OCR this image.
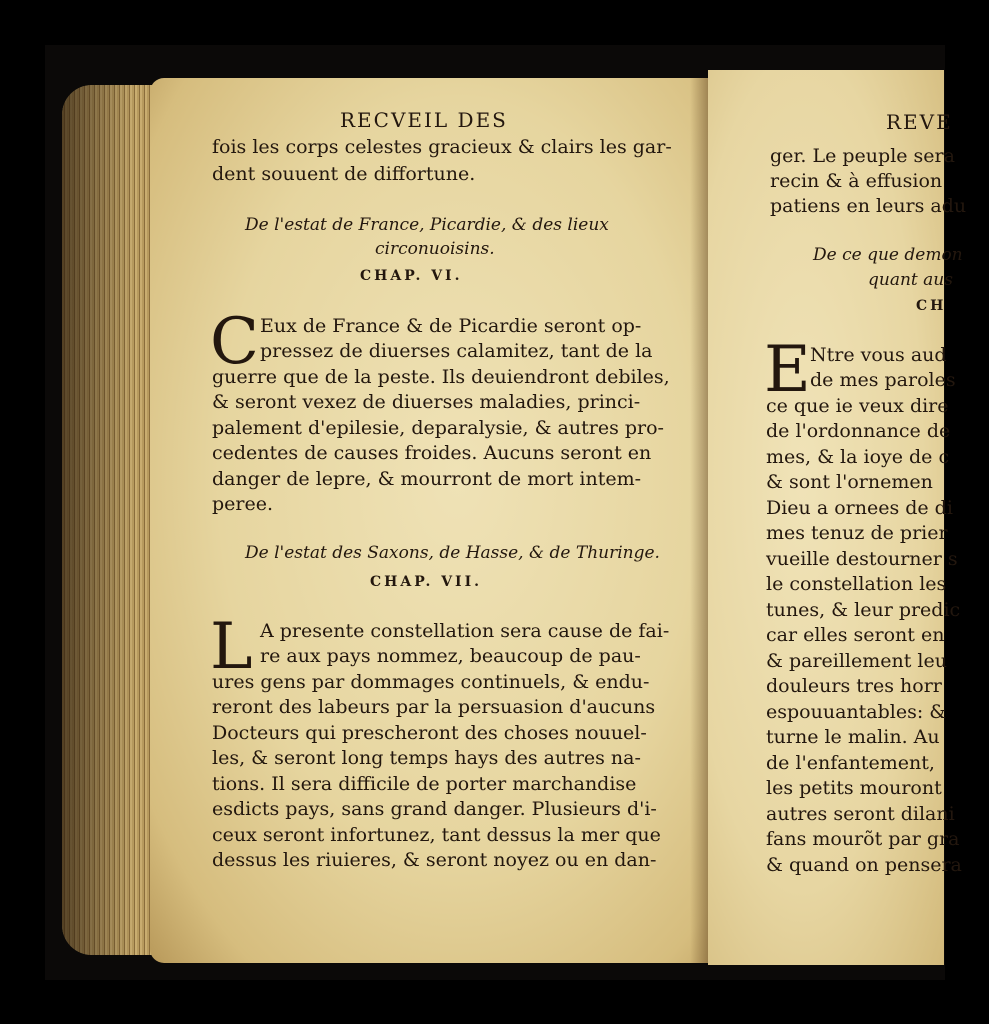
RECVEIL DES
fois les corps celestes gracieux & clairs les gar-
dent souuent de diffortune.
De l'estat de France, Picardie, & des lieux
circonuoisins.
CHAP. VI.
C Eux de France & de Picardie seront op-
pressez de diuerses calamitez, tant de la
guerre que de la peste. Ils deuiendront debiles,
& seront vexez de diuerses maladies, princi-
palement d'epilesie, deparalysie, & autres pro-
cedentes de causes froides. Aucuns seront en
danger de lepre, & mourront de mort intem-
peree.
De l'estat des Saxons, de Hasse, & de Thuringe.
CHAP. VII.
L A presente constellation sera cause de fai-
re aux pays nommez, beaucoup de pau-
ures gens par dommages continuels, & endu-
reront des labeurs par la persuasion d'aucuns
Docteurs qui prescheront des choses nouuel-
les, & seront long temps hays des autres na-
tions. Il sera difficile de porter marchandise
esdicts pays, sans grand danger. Plusieurs d'i-
ceux seront infortunez, tant dessus la mer que
dessus les riuieres, & seront noyez ou en dan-
REVE
ger. Le peuple sera
recin & à effusion
patiens en leurs adu
De ce que demon
quant aus
CH
E Ntre vous aud
de mes paroles
ce que ie veux dire
de l'ordonnance de
mes, & la ioye de c
& sont l'ornemen
Dieu a ornees de di
mes tenuz de prier
vueille destourner s
le constellation les
tunes, & leur predic
car elles seront en
& pareillement leu
douleurs tres horr
espouuantables: &
turne le malin. Au
de l'enfantement,
les petits mouront
autres seront dilani
fans mourõt par gra
& quand on pensera
